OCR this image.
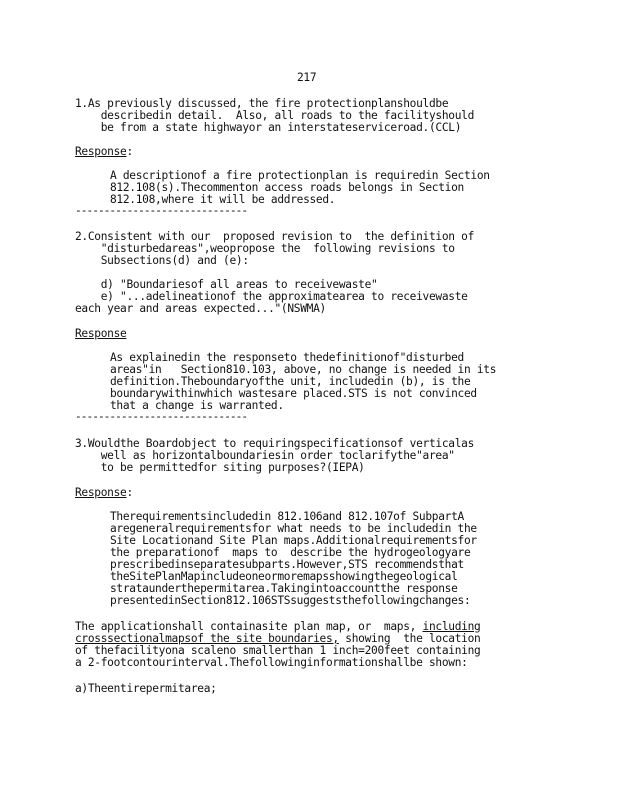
217
1.As previously discussed, the fire protectionplanshouldbe
describedin detail.  Also, all roads to the facilityshould
be from a state highwayor an interstateserviceroad.(CCL)
Response:
A descriptionof a fire protectionplan is requiredin Section
812.108(s).Thecommenton access roads belongs in Section
812.108,where it will be addressed.
------------------------------
2.Consistent with our  proposed revision to  the definition of
"disturbedareas",weopropose the  following revisions to
Subsections(d) and (e):
d) "Boundariesof all areas to receivewaste"
e) "...adelineationof the approximatearea to receivewaste
each year and areas expected..."(NSWMA)
Response
As explainedin the responseto thedefinitionof"disturbed
areas"in   Section810.103, above, no change is needed in its
definition.Theboundaryofthe unit, includedin (b), is the
boundarywithinwhich wastesare placed.STS is not convinced
that a change is warranted.
------------------------------
3.Wouldthe Boardobject to requiringspecificationsof verticalas
well as horizontalboundariesin order toclarifythe"area"
to be permittedfor siting purposes?(IEPA)
Response:
Therequirementsincludedin 812.106and 812.107of SubpartA
aregeneralrequirementsfor what needs to be includedin the
Site Locationand Site Plan maps.Additionalrequirementsfor
the preparationof  maps to  describe the hydrogeologyare
prescribedinseparatesubparts.However,STS recommendsthat
theSitePlanMapincludeoneormoremapsshowingthegeological
strataunderthepermitarea.Takingintoaccountthe response
presentedinSection812.106STSsuggeststhefollowingchanges:
The applicationshall containasite plan map, or  maps, including
crosssectionalmapsof the site boundaries, showing  the location
of thefacilityona scaleno smallerthan 1 inch=200feet containing
a 2-footcontourinterval.Thefollowinginformationshallbe shown:
a)Theentirepermitarea;
